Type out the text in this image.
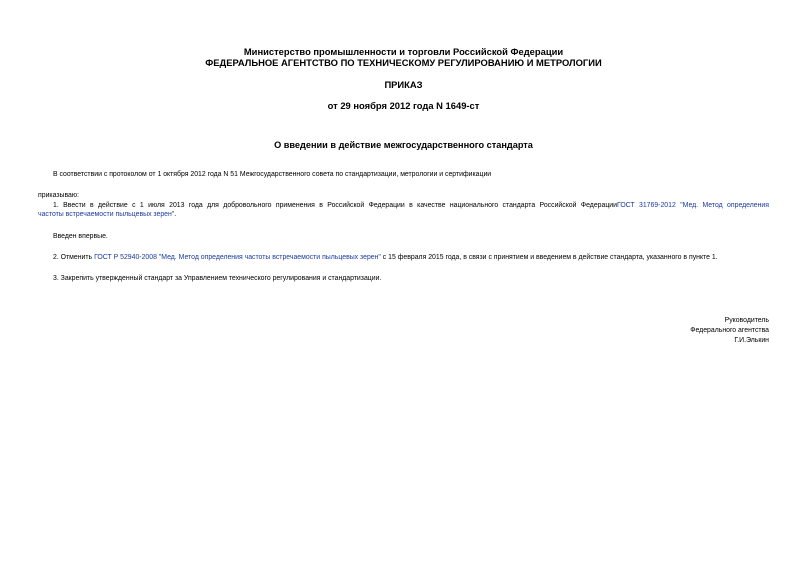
Министерство промышленности и торговли Российской Федерации
ФЕДЕРАЛЬНОЕ АГЕНТСТВО ПО ТЕХНИЧЕСКОМУ РЕГУЛИРОВАНИЮ И МЕТРОЛОГИИ
ПРИКАЗ
от 29 ноября 2012 года N 1649-ст
О введении в действие межгосударственного стандарта
В соответствии с протоколом от 1 октября 2012 года N 51 Межгосударственного совета по стандартизации, метрологии и сертификации
приказываю:
1. Ввести в действие с 1 июля 2013 года для добровольного применения в Российской Федерации в качестве национального стандарта Российской ФедерацииГОСТ 31769-2012 "Мед. Метод определения
частоты встречаемости пыльцевых зерен".
Введен впервые.
2. Отменить ГОСТ Р 52940-2008 "Мед. Метод определения частоты встречаемости пыльцевых зерен" с 15 февраля 2015 года, в связи с принятием и введением в действие стандарта, указанного в пункте 1.
3. Закрепить утвержденный стандарт за Управлением технического регулирования и стандартизации.
Руководитель
Федерального агентства
Г.И.Элькин
